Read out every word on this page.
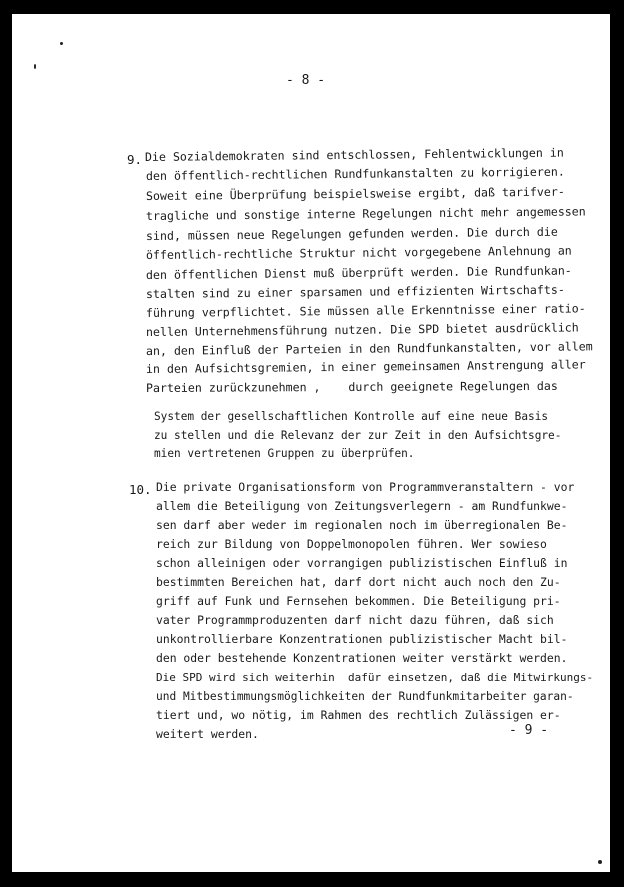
- 8 -
9. Die Sozialdemokraten sind entschlossen, Fehlentwicklungen in
den öffentlich-rechtlichen Rundfunkanstalten zu korrigieren.
Soweit eine Überprüfung beispielsweise ergibt, daß tarifver-
tragliche und sonstige interne Regelungen nicht mehr angemessen
sind, müssen neue Regelungen gefunden werden. Die durch die
öffentlich-rechtliche Struktur nicht vorgegebene Anlehnung an
den öffentlichen Dienst muß überprüft werden. Die Rundfunkan-
stalten sind zu einer sparsamen und effizienten Wirtschafts-
führung verpflichtet. Sie müssen alle Erkenntnisse einer ratio-
nellen Unternehmensführung nutzen. Die SPD bietet ausdrücklich
an, den Einfluß der Parteien in den Rundfunkanstalten, vor allem
in den Aufsichtsgremien, in einer gemeinsamen Anstrengung aller
Parteien zurückzunehmen ,    durch geeignete Regelungen das
System der gesellschaftlichen Kontrolle auf eine neue Basis
zu stellen und die Relevanz der zur Zeit in den Aufsichtsgre-
mien vertretenen Gruppen zu überprüfen.
10. Die private Organisationsform von Programmveranstaltern - vor
allem die Beteiligung von Zeitungsverlegern - am Rundfunkwe-
sen darf aber weder im regionalen noch im überregionalen Be-
reich zur Bildung von Doppelmonopolen führen. Wer sowieso
schon alleinigen oder vorrangigen publizistischen Einfluß in
bestimmten Bereichen hat, darf dort nicht auch noch den Zu-
griff auf Funk und Fernsehen bekommen. Die Beteiligung pri-
vater Programmproduzenten darf nicht dazu führen, daß sich
unkontrollierbare Konzentrationen publizistischer Macht bil-
den oder bestehende Konzentrationen weiter verstärkt werden.
Die SPD wird sich weiterhin  dafür einsetzen, daß die Mitwirkungs-
und Mitbestimmungsmöglichkeiten der Rundfunkmitarbeiter garan-
tiert und, wo nötig, im Rahmen des rechtlich Zulässigen er-
weitert werden.	- 9 -
